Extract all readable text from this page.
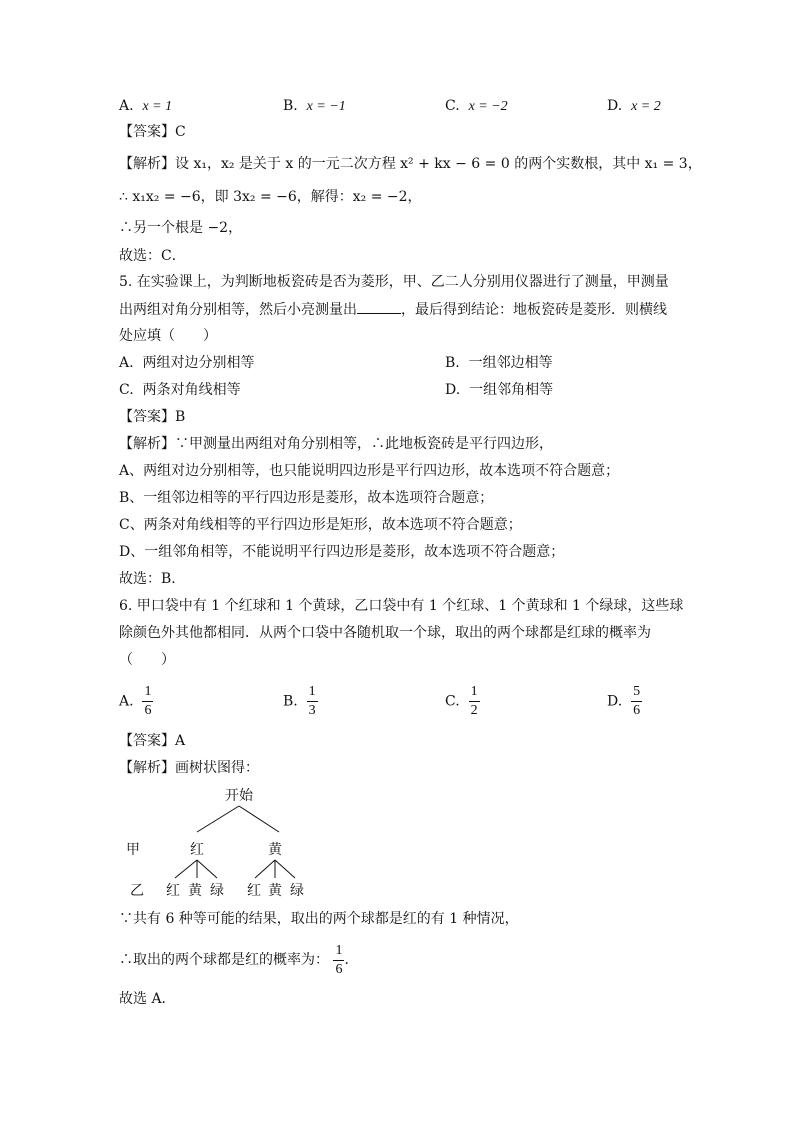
A. x = 1	B. x = −1	C. x = −2	D. x = 2
【答案】C
【解析】设 x₁，x₂ 是关于 x 的一元二次方程 x² + kx − 6 = 0 的两个实数根，其中 x₁ = 3，
∴ x₁x₂ = −6，即 3x₂ = −6，解得：x₂ = −2，
∴另一个根是 −2，
故选：C．
5. 在实验课上，为判断地板瓷砖是否为菱形，甲、乙二人分别用仪器进行了测量，甲测量
出两组对角分别相等，然后小亮测量出	，最后得到结论：地板瓷砖是菱形．则横线
处应填（　　）
A. 两组对边分别相等	B. 一组邻边相等
C. 两条对角线相等	D. 一组邻角相等
【答案】B
【解析】∵甲测量出两组对角分别相等，∴此地板瓷砖是平行四边形，
A、两组对边分别相等，也只能说明四边形是平行四边形，故本选项不符合题意；
B、一组邻边相等的平行四边形是菱形，故本选项符合题意；
C、两条对角线相等的平行四边形是矩形，故本选项不符合题意；
D、一组邻角相等，不能说明平行四边形是菱形，故本选项不符合题意；
故选：B．
6. 甲口袋中有 1 个红球和 1 个黄球，乙口袋中有 1 个红球、1 个黄球和 1 个绿球，这些球
除颜色外其他都相同．从两个口袋中各随机取一个球，取出的两个球都是红球的概率为
（　　）
A. $\frac{1}{6}$	B. $\frac{1}{3}$	C. $\frac{1}{2}$	D. $\frac{5}{6}$
【答案】A
【解析】画树状图得：
开始
甲	红	黄
乙 红 黄 绿 红 黄 绿
∵共有 6 种等可能的结果，取出的两个球都是红的有 1 种情况，
∴取出的两个球都是红的概率为： $\frac{1}{6}$ ．
故选 A．
